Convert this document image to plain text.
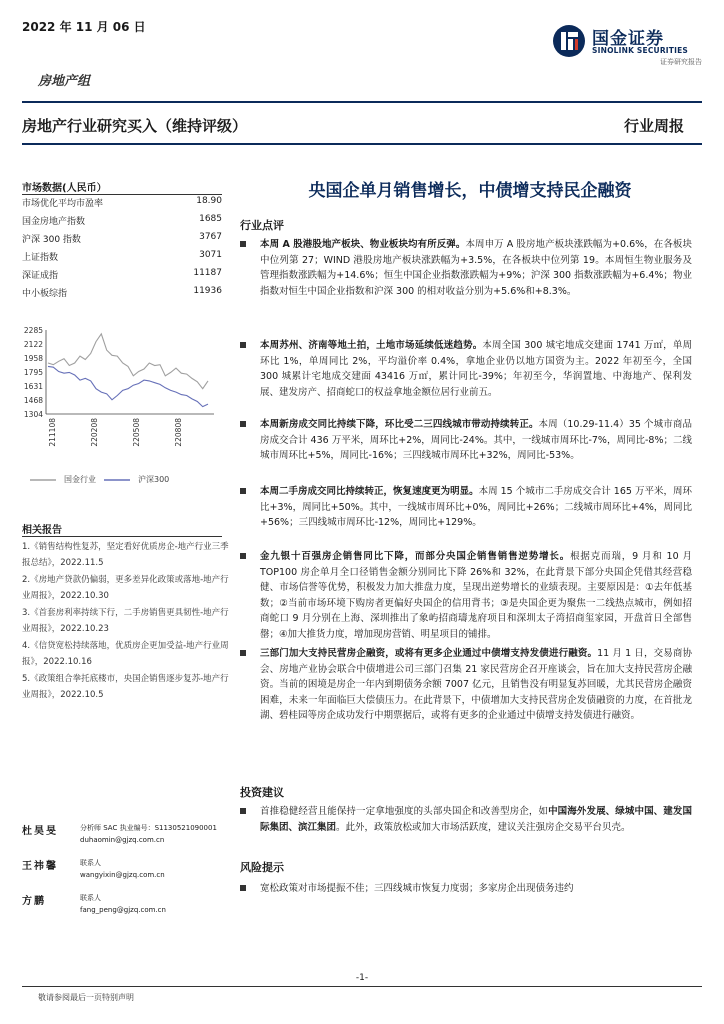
2022 年 11 月 06 日
国金证券
SINOLINK SECURITIES
证券研究报告
房地产组
房地产行业研究买入（维持评级）	行业周报
市场数据(人民币）
市场优化平均市盈率	18.90
国金房地产指数	1685
沪深 300 指数	3767
上证指数	3071
深证成指	11187
中小板综指	11936
2285
2122
1958
1795
1631
1468
1304
211108	220208	220508	220808
国金行业	沪深300
相关报告
1.《销售结构性复苏，坚定看好优质房企-地产行业三季报总结》，2022.11.5
2.《房地产贷款仍偏弱，更多差异化政策或落地-地产行业周报》，2022.10.30
3.《首套房利率持续下行，二手房销售更具韧性-地产行业周报》，2022.10.23
4.《信贷宽松持续落地，优质房企更加受益-地产行业周报》，2022.10.16
5.《政策组合拳托底楼市，央国企销售逐步复苏-地产行业周报》，2022.10.5
杜昊旻	分析师 SAC 执业编号：S1130521090001
duhaomin@gjzq.com.cn
王祎馨	联系人
wangyixin@gjzq.com.cn
方鹏	联系人
fang_peng@gjzq.com.cn
央国企单月销售增长，中债增支持民企融资
行业点评
本周 A 股港股地产板块、物业板块均有所反弹。本周申万 A 股房地产板块涨跌幅为+0.6%，在各板块中位列第 27；WIND 港股房地产板块涨跌幅为+3.5%，在各板块中位列第 19。本周恒生物业服务及管理指数涨跌幅为+14.6%；恒生中国企业指数涨跌幅为+9%；沪深 300 指数涨跌幅为+6.4%；物业指数对恒生中国企业指数和沪深 300 的相对收益分别为+5.6%和+8.3%。
本周苏州、济南等地土拍，土地市场延续低迷趋势。本周全国 300 城宅地成交建面 1741 万㎡，单周环比 1%，单周同比 2%，平均溢价率 0.4%，拿地企业仍以地方国资为主。2022 年初至今，全国 300 城累计宅地成交建面 43416 万㎡，累计同比-39%；年初至今，华润置地、中海地产、保利发展、建发房产、招商蛇口的权益拿地金额位居行业前五。
本周新房成交同比持续下降，环比受二三四线城市带动持续转正。本周（10.29-11.4）35 个城市商品房成交合计 436 万平米，周环比+2%，周同比-24%。其中，一线城市周环比-7%，周同比-8%；二线城市周环比+5%，周同比-16%；三四线城市周环比+32%，周同比-53%。
本周二手房成交同比持续转正，恢复速度更为明显。本周 15 个城市二手房成交合计 165 万平米，周环比+3%，周同比+50%。其中，一线城市周环比+0%，周同比+26%；二线城市周环比+4%，周同比+56%；三四线城市周环比-12%，周同比+129%。
金九银十百强房企销售同比下降，而部分央国企销售销售逆势增长。根据克而瑞，9 月和 10 月 TOP100 房企单月全口径销售金额分别同比下降 26%和 32%，在此背景下部分央国企凭借其经营稳健、市场信誉等优势，积极发力加大推盘力度，呈现出逆势增长的业绩表现。主要原因是：①去年低基数；②当前市场环境下购房者更偏好央国企的信用背书；③是央国企更为聚焦一二线热点城市，例如招商蛇口 9 月分别在上海、深圳推出了象屿招商璹尨府项目和深圳太子湾招商玺家园，开盘首日全部售罄；④加大推货力度，增加现房营销、明星项目的铺排。
三部门加大支持民营房企融资，或将有更多企业通过中债增支持发债进行融资。11 月 1 日，交易商协会、房地产业协会联合中债增进公司三部门召集 21 家民营房企召开座谈会，旨在加大支持民营房企融资。当前的困境是房企一年内到期债务余额 7007 亿元，且销售没有明显复苏回暖，尤其民营房企融资困难，未来一年面临巨大偿债压力。在此背景下，中债增加大支持民营房企发债融资的力度，在首批龙湖、碧桂园等房企成功发行中期票据后，或将有更多的企业通过中债增支持发债进行融资。
投资建议
首推稳健经营且能保持一定拿地强度的头部央国企和改善型房企，如中国海外发展、绿城中国、建发国际集团、滨江集团。此外，政策放松或加大市场活跃度，建议关注强房企交易平台贝壳。
风险提示
宽松政策对市场提振不佳；三四线城市恢复力度弱；多家房企出现债务违约
-1-
敬请参阅最后一页特别声明
